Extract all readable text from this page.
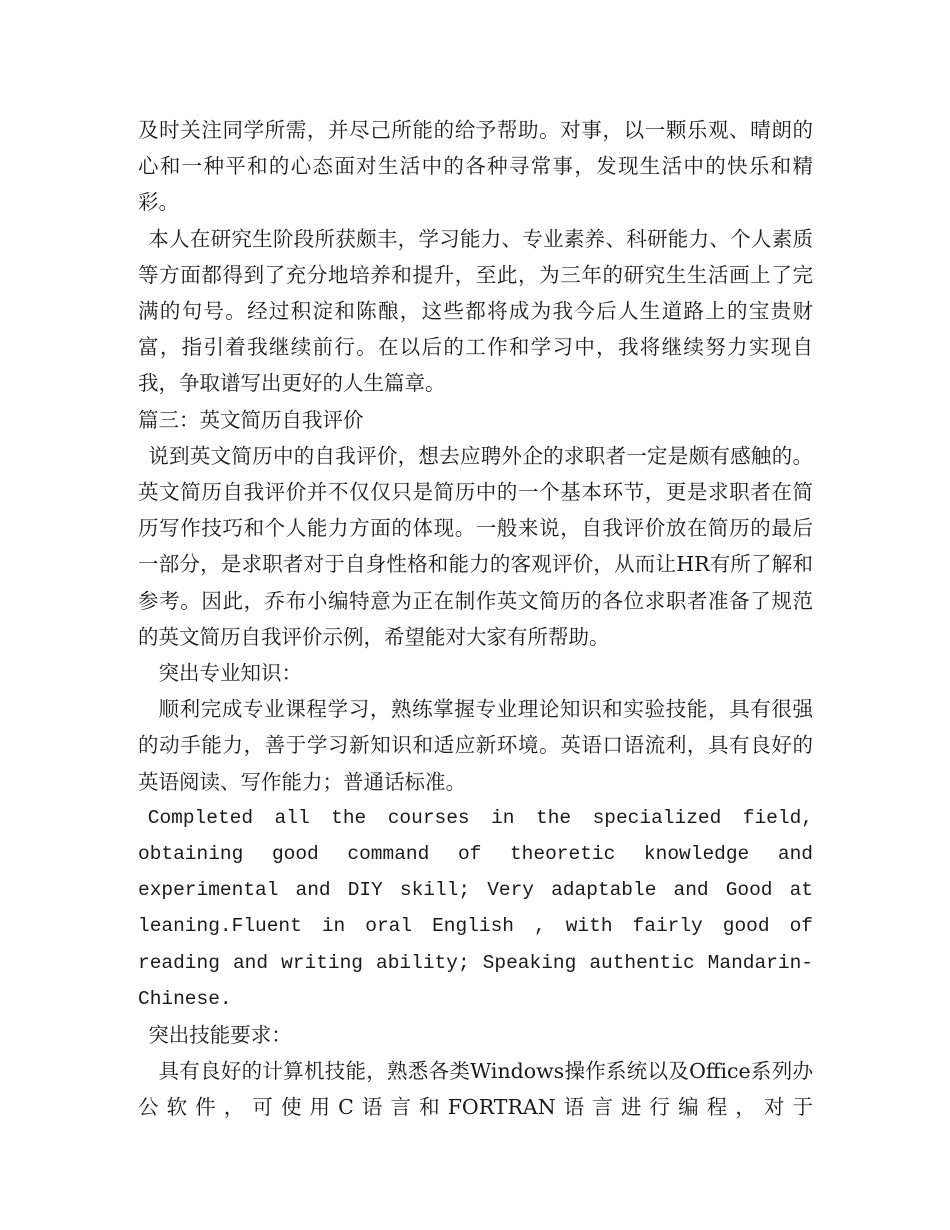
及时关注同学所需，并尽己所能的给予帮助。对事，以一颗乐观、晴朗的心和一种平和的心态面对生活中的各种寻常事，发现生活中的快乐和精彩。

本人在研究生阶段所获颇丰，学习能力、专业素养、科研能力、个人素质等方面都得到了充分地培养和提升，至此，为三年的研究生生活画上了完满的句号。经过积淀和陈酿，这些都将成为我今后人生道路上的宝贵财富，指引着我继续前行。在以后的工作和学习中，我将继续努力实现自我，争取谱写出更好的人生篇章。

篇三：英文简历自我评价

说到英文简历中的自我评价，想去应聘外企的求职者一定是颇有感触的。英文简历自我评价并不仅仅只是简历中的一个基本环节，更是求职者在简历写作技巧和个人能力方面的体现。一般来说，自我评价放在简历的最后一部分，是求职者对于自身性格和能力的客观评价，从而让HR有所了解和参考。因此，乔布小编特意为正在制作英文简历的各位求职者准备了规范的英文简历自我评价示例，希望能对大家有所帮助。

突出专业知识：

顺利完成专业课程学习，熟练掌握专业理论知识和实验技能，具有很强的动手能力，善于学习新知识和适应新环境。英语口语流利，具有良好的英语阅读、写作能力；普通话标准。

Completed all the courses in the specialized field, obtaining good command of theoretic knowledge and experimental and DIY skill; Very adaptable and Good at leaning.Fluent in oral English , with fairly good of reading and writing ability; Speaking authentic Mandarin-Chinese.

突出技能要求：

具有良好的计算机技能，熟悉各类Windows操作系统以及Office系列办公软件，可使用C语言和FORTRAN语言进行编程，对于
